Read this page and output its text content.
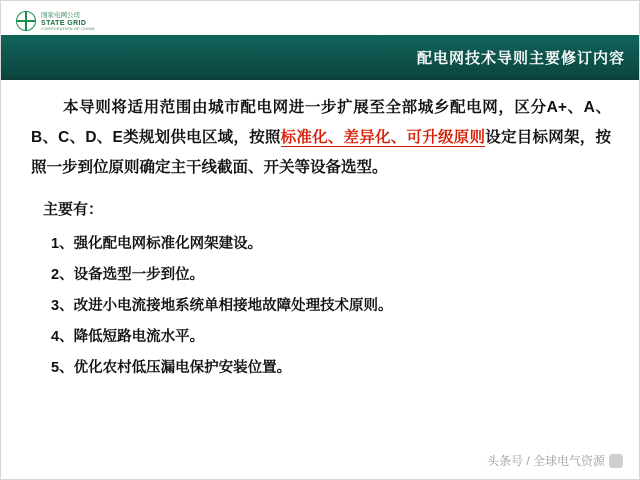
国家电网公司
STATE GRID
CORPORATION OF CHINA
配电网技术导则主要修订内容

本导则将适用范围由城市配电网进一步扩展至全部城乡配电网，区分A+、A、B、C、D、E类规划供电区域，按照标准化、差异化、可升级原则设定目标网架，按照一步到位原则确定主干线截面、开关等设备选型。

主要有：
1、强化配电网标准化网架建设。
2、设备选型一步到位。
3、改进小电流接地系统单相接地故障处理技术原则。
4、降低短路电流水平。
5、优化农村低压漏电保护安装位置。
头条号 / 全球电气资源
